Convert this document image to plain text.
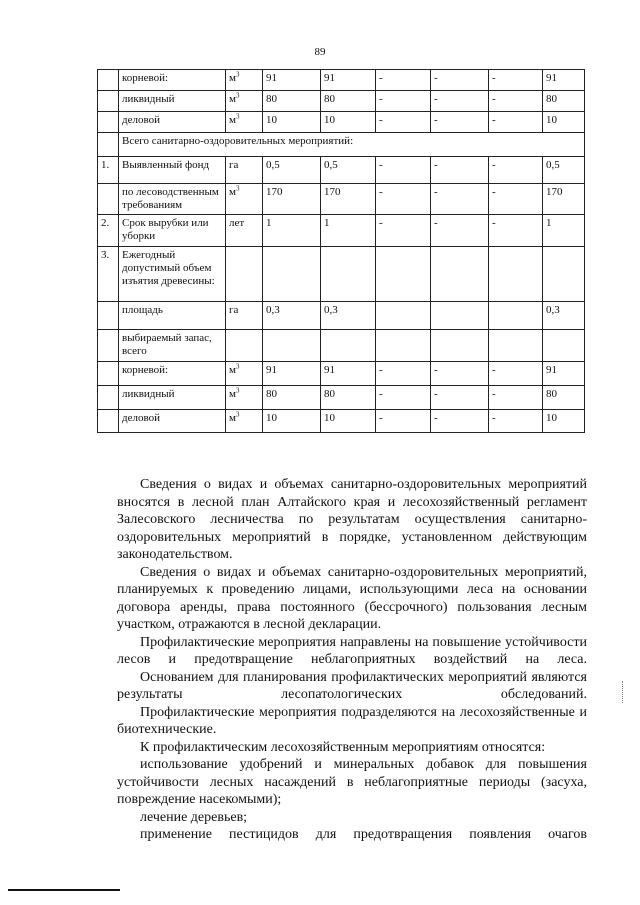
89
	корневой:	$м^3$	91	91	-	-	-	91
	ликвидный	$м^3$	80	80	-	-	-	80
	деловой	$м^3$	10	10	-	-	-	10
	Всего санитарно-оздоровительных мероприятий:							
1.	Выявленный фонд	га	0,5	0,5	-	-	-	0,5
	по лесоводственным требованиям	$м^3$	170	170	-	-	-	170
2.	Срок вырубки или уборки	лет	1	1	-	-	-	1
3.	Ежегодный допустимый объем изъятия древесины:							
	площадь	га	0,3	0,3				0,3
	выбираемый запас, всего							
	корневой:	$м^3$	91	91	-	-	-	91
	ликвидный	$м^3$	80	80	-	-	-	80
	деловой	$м^3$	10	10	-	-	-	10

Сведения о видах и объемах санитарно-оздоровительных мероприятий вносятся в лесной план Алтайского края и лесохозяйственный регламент Залесовского лесничества по результатам осуществления санитарно-оздоровительных мероприятий в порядке, установленном действующим законодательством.

Сведения о видах и объемах санитарно-оздоровительных мероприятий, планируемых к проведению лицами, использующими леса на основании договора аренды, права постоянного (бессрочного) пользования лесным участком, отражаются в лесной декларации.

Профилактические мероприятия направлены на повышение устойчивости лесов и предотвращение неблагоприятных воздействий на леса.

Основанием для планирования профилактических мероприятий являются результаты лесопатологических обследований.

Профилактические мероприятия подразделяются на лесохозяйственные и биотехнические.

К профилактическим лесохозяйственным мероприятиям относятся:

использование удобрений и минеральных добавок для повышения устойчивости лесных насаждений в неблагоприятные периоды (засуха, повреждение насекомыми);

лечение деревьев;

применение пестицидов для предотвращения появления очагов
